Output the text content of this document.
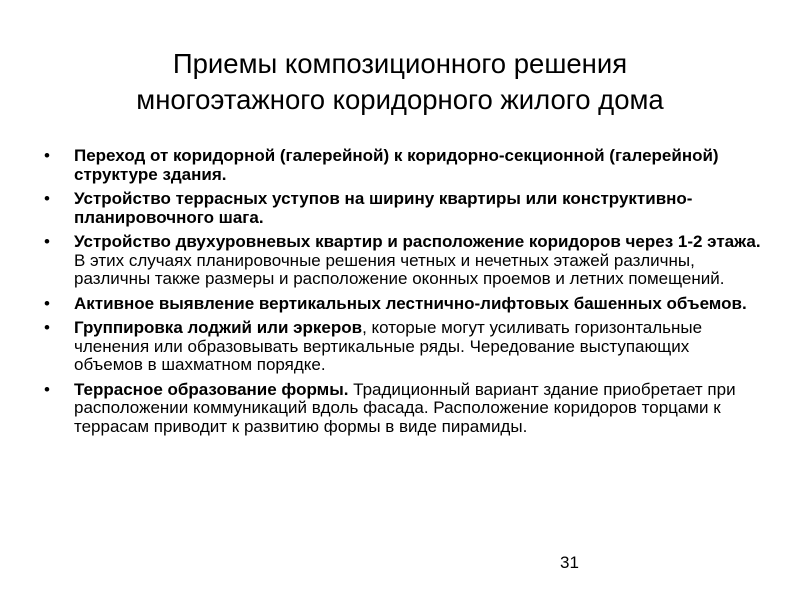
Приемы композиционного решения
многоэтажного коридорного жилого дома
• Переход от коридорной (галерейной) к коридорно-секционной (галерейной) структуре здания.
• Устройство террасных уступов на ширину квартиры или конструктивно-планировочного шага.
• Устройство двухуровневых квартир и расположение коридоров через 1-2 этажа. В этих случаях планировочные решения четных и нечетных этажей различны, различны также размеры и расположение оконных проемов и летних помещений.
• Активное выявление вертикальных лестнично-лифтовых башенных объемов.
• Группировка лоджий или эркеров, которые могут усиливать горизонтальные членения или образовывать вертикальные ряды. Чередование выступающих объемов в шахматном порядке.
• Террасное образование формы. Традиционный вариант здание приобретает при расположении коммуникаций вдоль фасада. Расположение коридоров торцами к террасам приводит к развитию формы в виде пирамиды.
31
